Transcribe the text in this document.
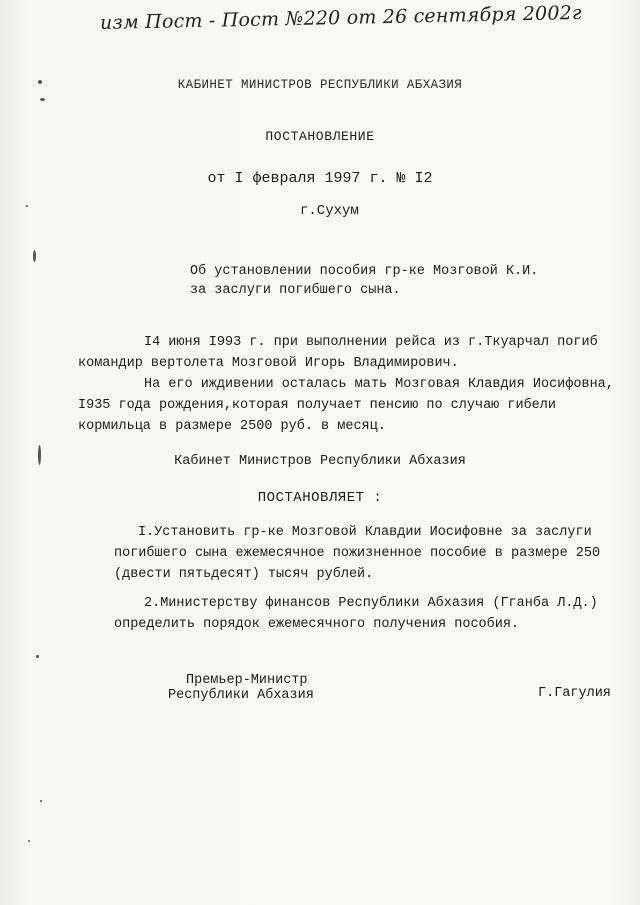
изм Пост - Пост №220 от 26 сентября 2002г
КАБИНЕТ МИНИСТРОВ РЕСПУБЛИКИ АБХАЗИЯ
ПОСТАНОВЛЕНИЕ
от I февраля 1997 г. № I2
г.Сухум
Об установлении пособия гр-ке Мозговой К.И.
за заслуги погибшего сына.
I4 июня I993 г. при выполнении рейса из г.Ткуарчал погиб
командир вертолета Мозговой Игорь Владимирович.
На его иждивении осталась мать Мозговая Клавдия Иосифовна,
I935 года рождения,которая получает пенсию по случаю гибели
кормильца в размере 2500 руб. в месяц.
Кабинет Министров Республики Абхазия
ПОСТАНОВЛЯЕТ :
I.Установить гр-ке Мозговой Клавдии Иосифовне за заслуги
погибшего сына ежемесячное пожизненное пособие в размере 250
(двести пятьдесят) тысяч рублей.
2.Министерству финансов Республики Абхазия (Гганба Л.Д.)
определить порядок ежемесячного получения пособия.
Премьер-Министр
Республики Абхазия	Г.Гагулия
